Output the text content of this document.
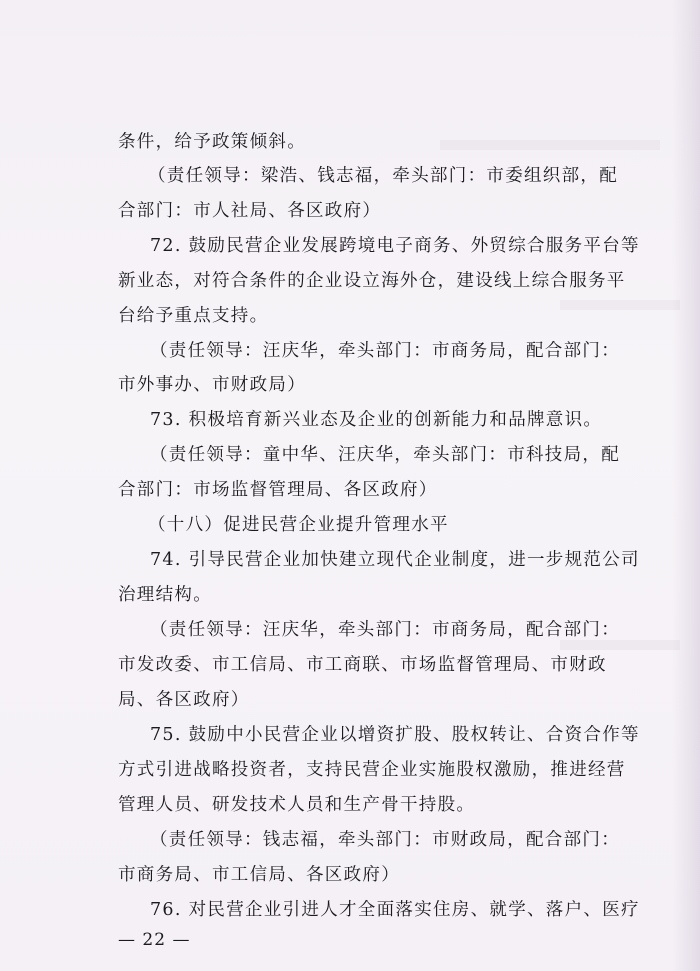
条件，给予政策倾斜。
（责任领导：梁浩、钱志福，牵头部门：市委组织部，配
合部门：市人社局、各区政府）
72. 鼓励民营企业发展跨境电子商务、外贸综合服务平台等
新业态，对符合条件的企业设立海外仓，建设线上综合服务平
台给予重点支持。
（责任领导：汪庆华，牵头部门：市商务局，配合部门：
市外事办、市财政局）
73. 积极培育新兴业态及企业的创新能力和品牌意识。
（责任领导：童中华、汪庆华，牵头部门：市科技局，配
合部门：市场监督管理局、各区政府）
（十八）促进民营企业提升管理水平
74. 引导民营企业加快建立现代企业制度，进一步规范公司
治理结构。
（责任领导：汪庆华，牵头部门：市商务局，配合部门：
市发改委、市工信局、市工商联、市场监督管理局、市财政
局、各区政府）
75. 鼓励中小民营企业以增资扩股、股权转让、合资合作等
方式引进战略投资者，支持民营企业实施股权激励，推进经营
管理人员、研发技术人员和生产骨干持股。
（责任领导：钱志福，牵头部门：市财政局，配合部门：
市商务局、市工信局、各区政府）
76. 对民营企业引进人才全面落实住房、就学、落户、医疗
— 22 —
